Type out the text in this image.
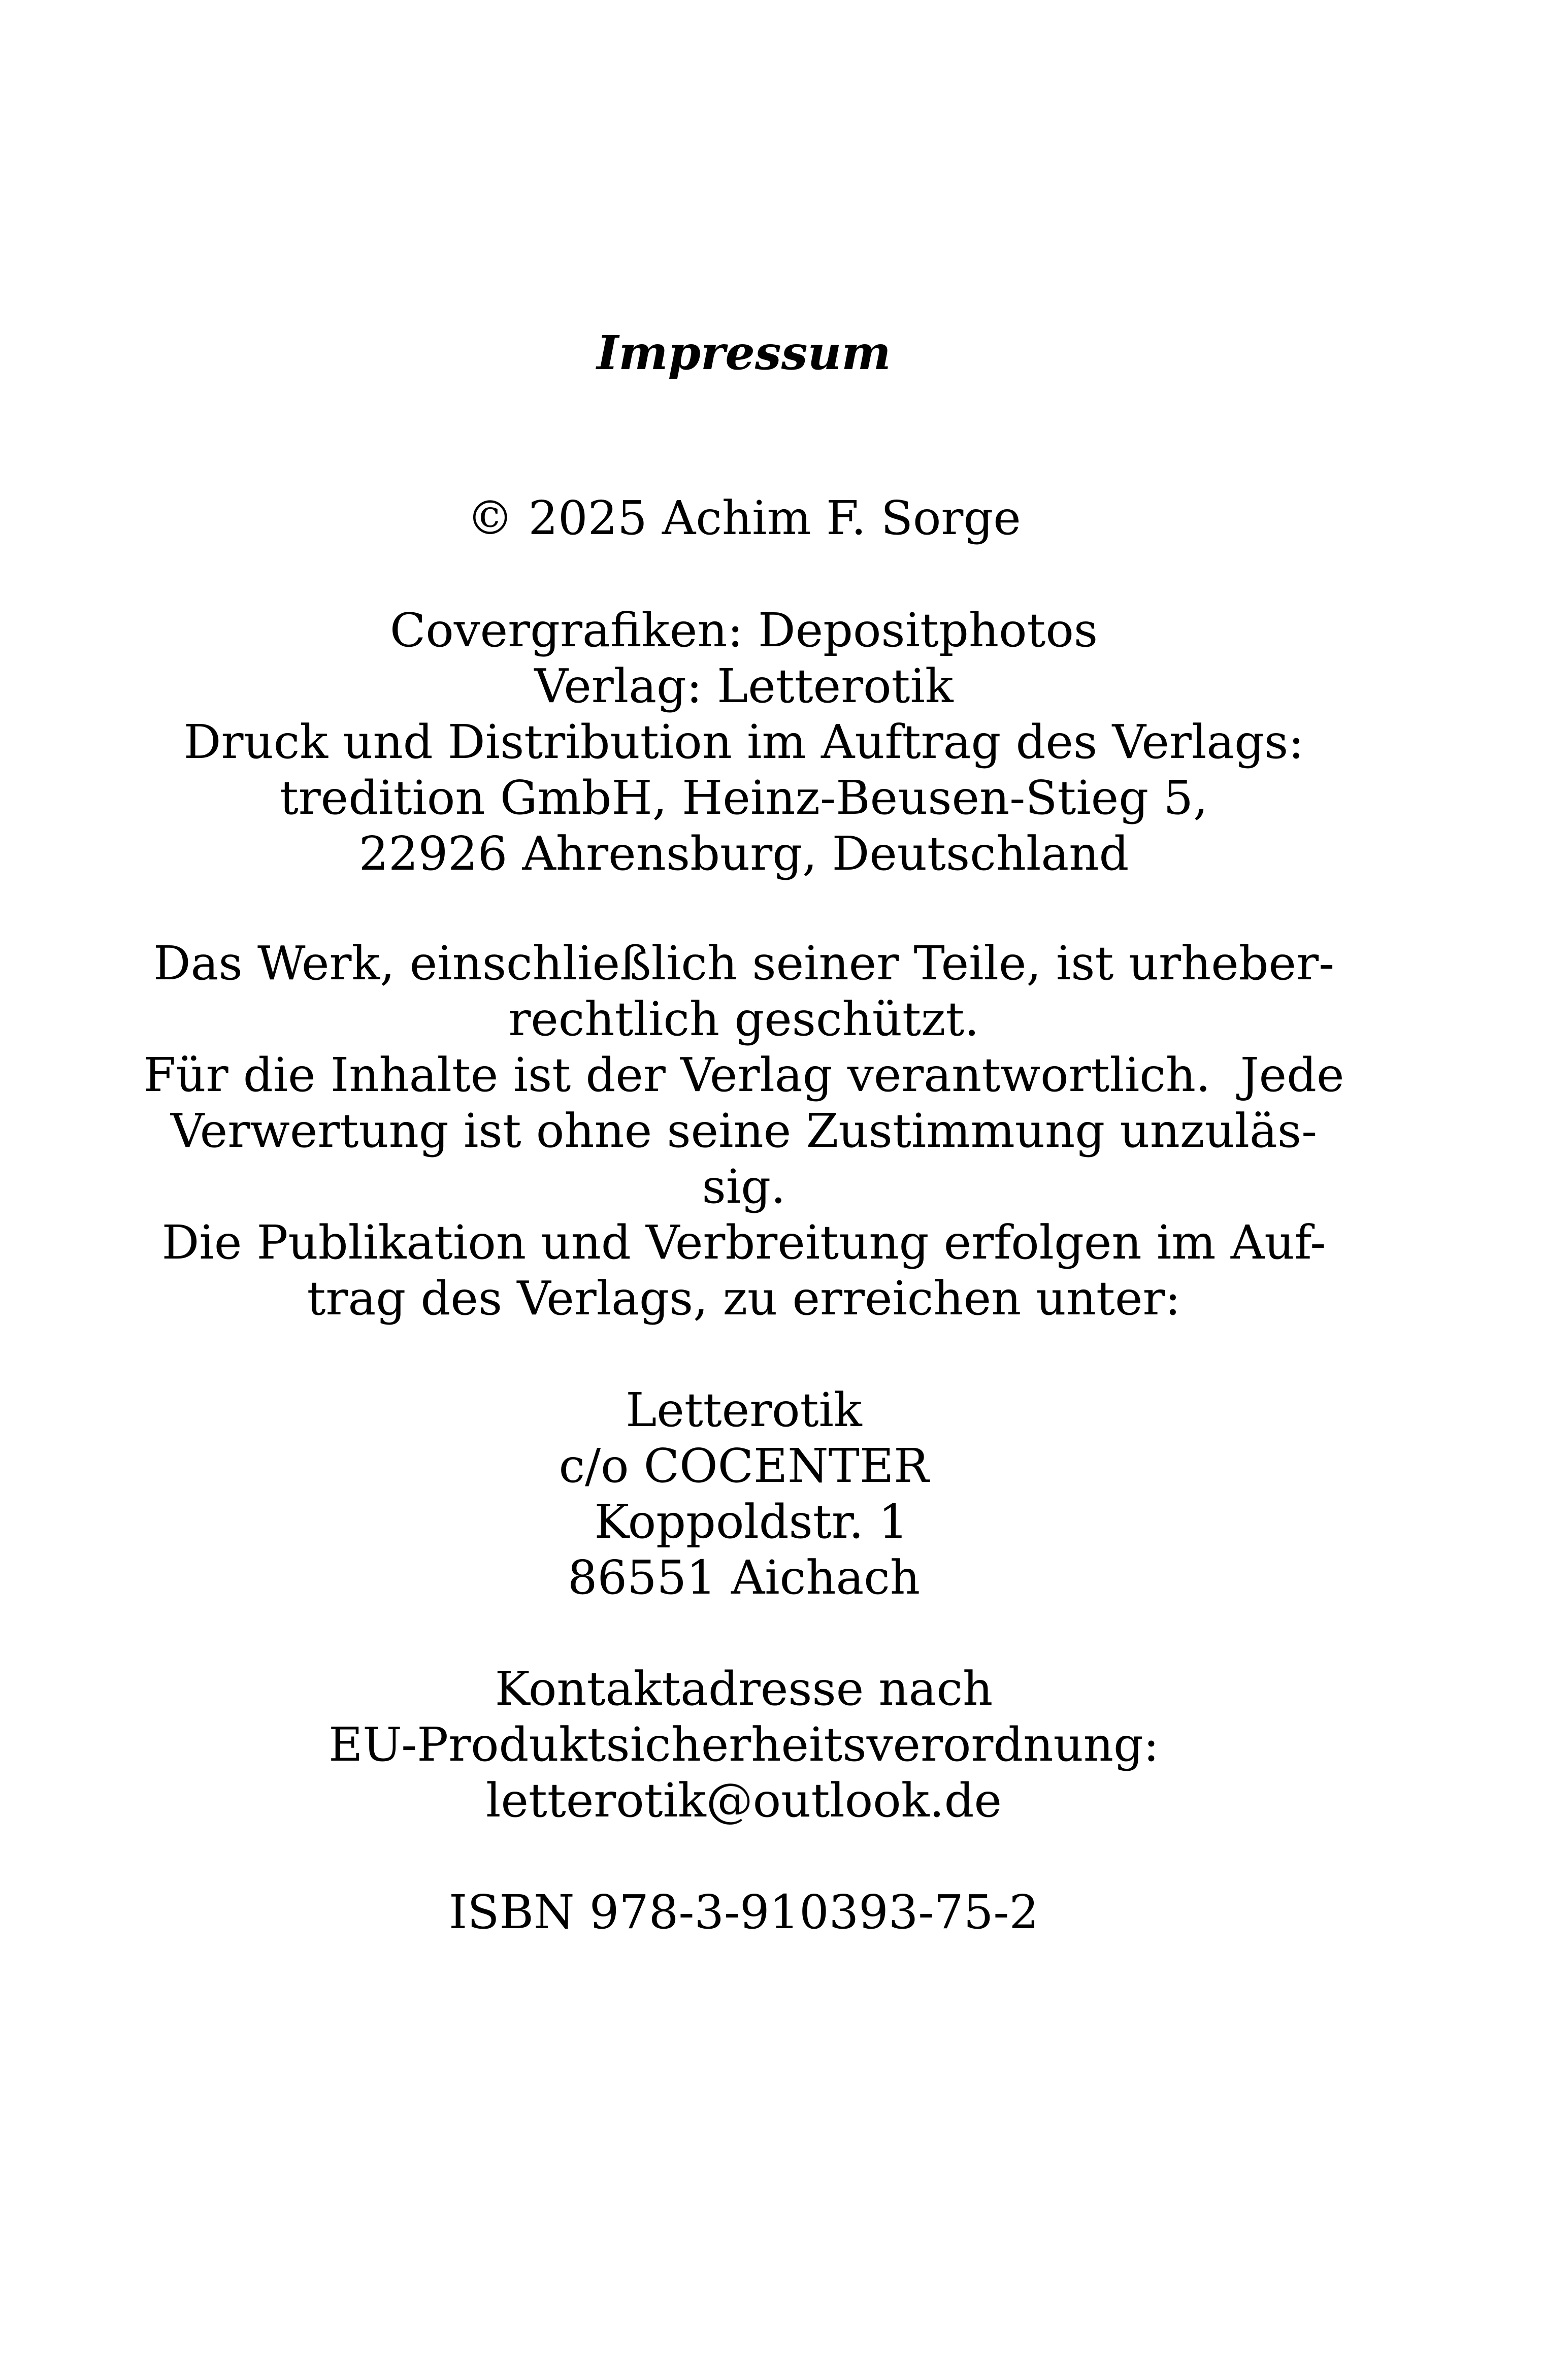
Impressum
© 2025 Achim F. Sorge
Covergrafiken: Depositphotos
Verlag: Letterotik
Druck und Distribution im Auftrag des Verlags:
tredition GmbH, Heinz-Beusen-Stieg 5,
22926 Ahrensburg, Deutschland
Das Werk, einschließlich seiner Teile, ist urheber-
rechtlich geschützt.
Für die Inhalte ist der Verlag verantwortlich.  Jede
Verwertung ist ohne seine Zustimmung unzuläs-
sig.
Die Publikation und Verbreitung erfolgen im Auf-
trag des Verlags, zu erreichen unter:
Letterotik
c/o COCENTER
Koppoldstr. 1
86551 Aichach
Kontaktadresse nach
EU-Produktsicherheitsverordnung:
letterotik@outlook.de
ISBN 978-3-910393-75-2
